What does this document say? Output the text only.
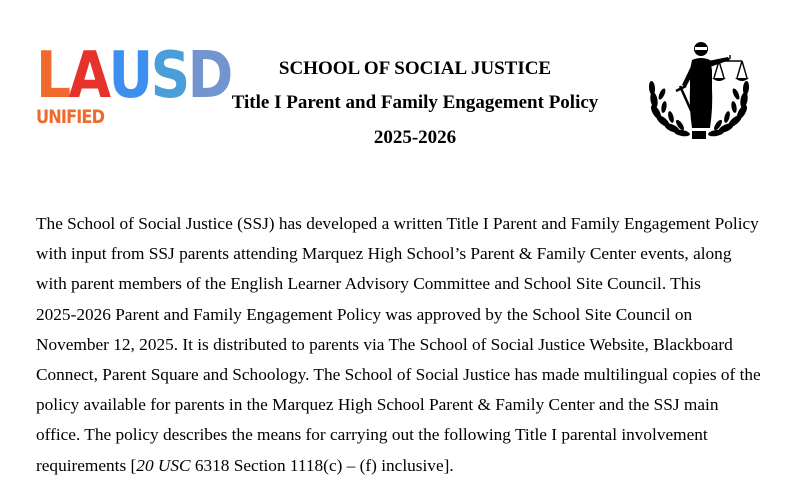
L A U S D
UNIFIED
SCHOOL OF SOCIAL JUSTICE
Title I Parent and Family Engagement Policy
2025-2026
The School of Social Justice (SSJ) has developed a written Title I Parent and Family Engagement Policy
with input from SSJ parents attending Marquez High School’s Parent & Family Center events, along
with parent members of the English Learner Advisory Committee and School Site Council. This
2025-2026 Parent and Family Engagement Policy was approved by the School Site Council on
November 12, 2025. It is distributed to parents via The School of Social Justice Website, Blackboard
Connect, Parent Square and Schoology. The School of Social Justice has made multilingual copies of the
policy available for parents in the Marquez High School Parent & Family Center and the SSJ main
office. The policy describes the means for carrying out the following Title I parental involvement
requirements [20 USC 6318 Section 1118(c) – (f) inclusive].
